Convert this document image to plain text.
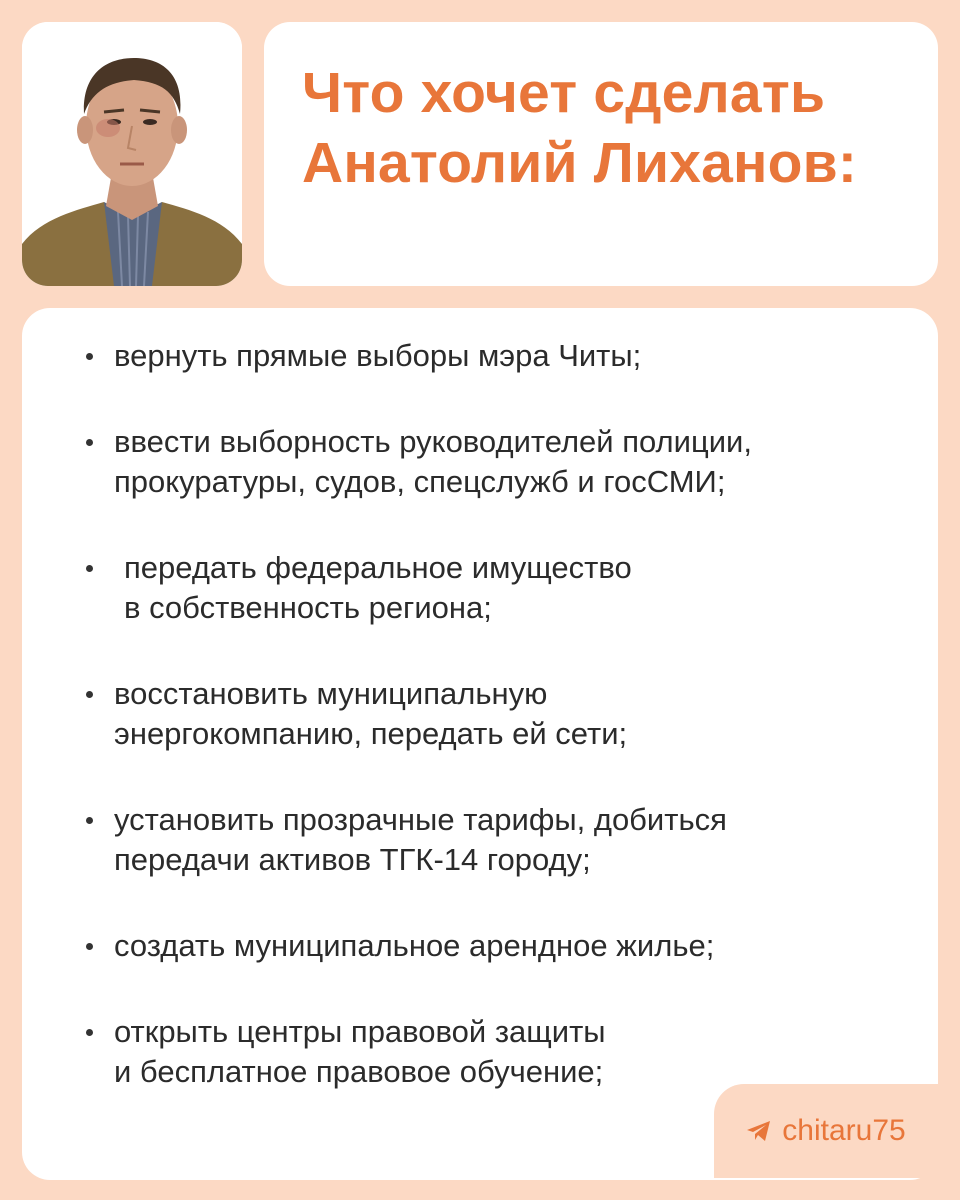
Что хочет сделать
Анатолий Лиханов:
вернуть прямые выборы мэра Читы;
ввести выборность руководителей полиции,
прокуратуры, судов, спецслужб и госСМИ;
передать федеральное имущество
в собственность региона;
восстановить муниципальную
энергокомпанию, передать ей сети;
установить прозрачные тарифы, добиться
передачи активов ТГК-14 городу;
создать муниципальное арендное жилье;
открыть центры правовой защиты
и бесплатное правовое обучение;
chitaru75
